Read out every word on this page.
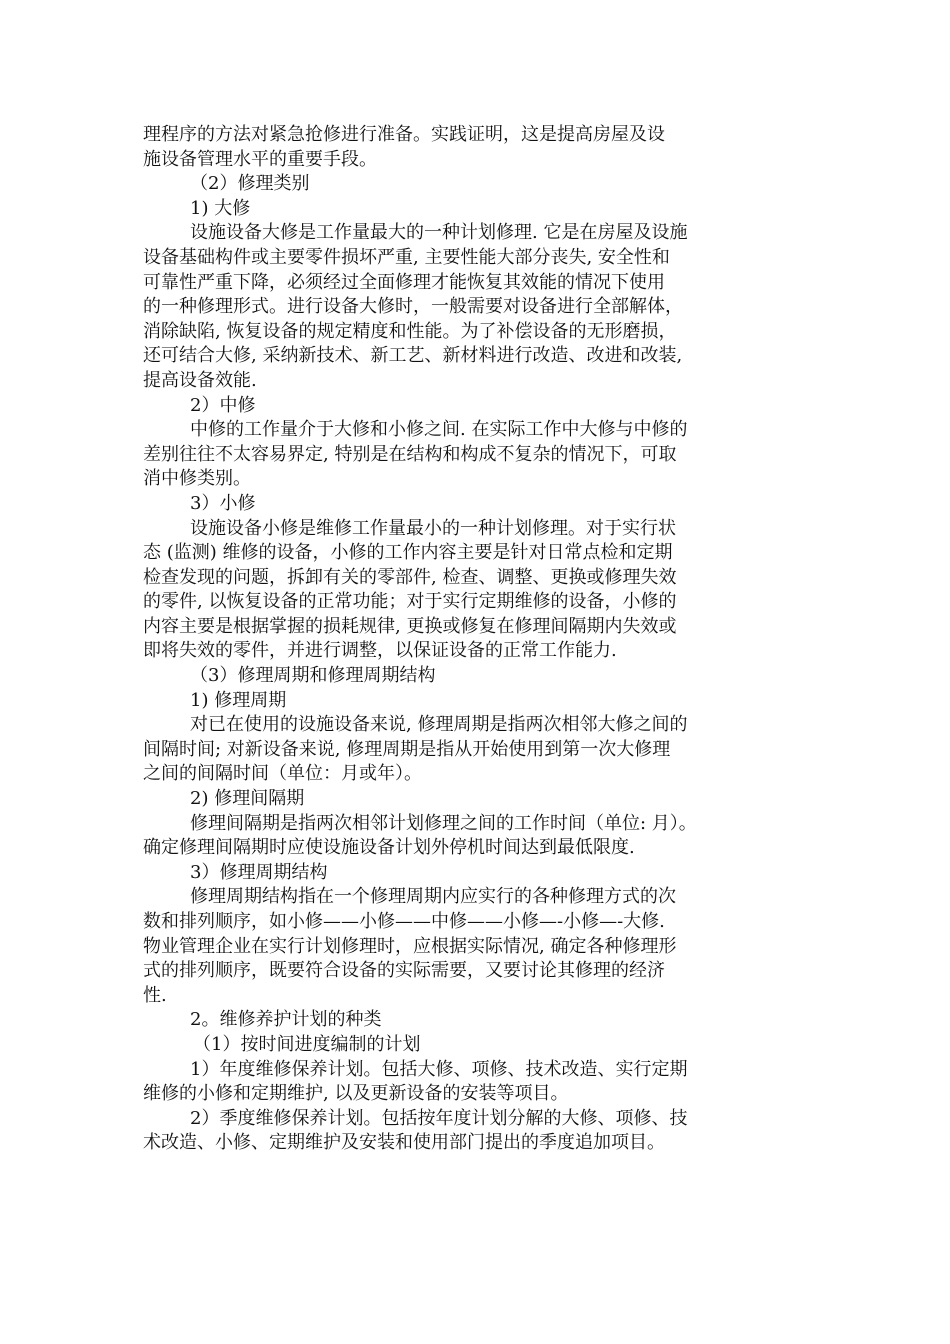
理程序的方法对紧急抢修进行准备。实践证明，这是提高房屋及设
施设备管理水平的重要手段。
（2）修理类别
1) 大修
设施设备大修是工作量最大的一种计划修理. 它是在房屋及设施
设备基础构件或主要零件损坏严重, 主要性能大部分丧失, 安全性和
可靠性严重下降，必须经过全面修理才能恢复其效能的情况下使用
的一种修理形式。进行设备大修时，一般需要对设备进行全部解体，
消除缺陷, 恢复设备的规定精度和性能。为了补偿设备的无形磨损，
还可结合大修, 采纳新技术、新工艺、新材料进行改造、改进和改装,
提高设备效能.
2）中修
中修的工作量介于大修和小修之间. 在实际工作中大修与中修的
差别往往不太容易界定, 特别是在结构和构成不复杂的情况下，可取
消中修类别。
3）小修
设施设备小修是维修工作量最小的一种计划修理。对于实行状
态 (监测) 维修的设备，小修的工作内容主要是针对日常点检和定期
检查发现的问题，拆卸有关的零部件, 检查、调整、更换或修理失效
的零件, 以恢复设备的正常功能；对于实行定期维修的设备，小修的
内容主要是根据掌握的损耗规律, 更换或修复在修理间隔期内失效或
即将失效的零件，并进行调整，以保证设备的正常工作能力.
（3）修理周期和修理周期结构
1) 修理周期
对已在使用的设施设备来说, 修理周期是指两次相邻大修之间的
间隔时间; 对新设备来说, 修理周期是指从开始使用到第一次大修理
之间的间隔时间（单位：月或年）。
2) 修理间隔期
修理间隔期是指两次相邻计划修理之间的工作时间（单位: 月）。
确定修理间隔期时应使设施设备计划外停机时间达到最低限度.
3）修理周期结构
修理周期结构指在一个修理周期内应实行的各种修理方式的次
数和排列顺序，如小修——小修——中修——小修—-小修—-大修.
物业管理企业在实行计划修理时，应根据实际情况, 确定各种修理形
式的排列顺序，既要符合设备的实际需要，又要讨论其修理的经济
性.
2。维修养护计划的种类
（1）按时间进度编制的计划
1）年度维修保养计划。包括大修、项修、技术改造、实行定期
维修的小修和定期维护, 以及更新设备的安装等项目。
2）季度维修保养计划。包括按年度计划分解的大修、项修、技
术改造、小修、定期维护及安装和使用部门提出的季度追加项目。
